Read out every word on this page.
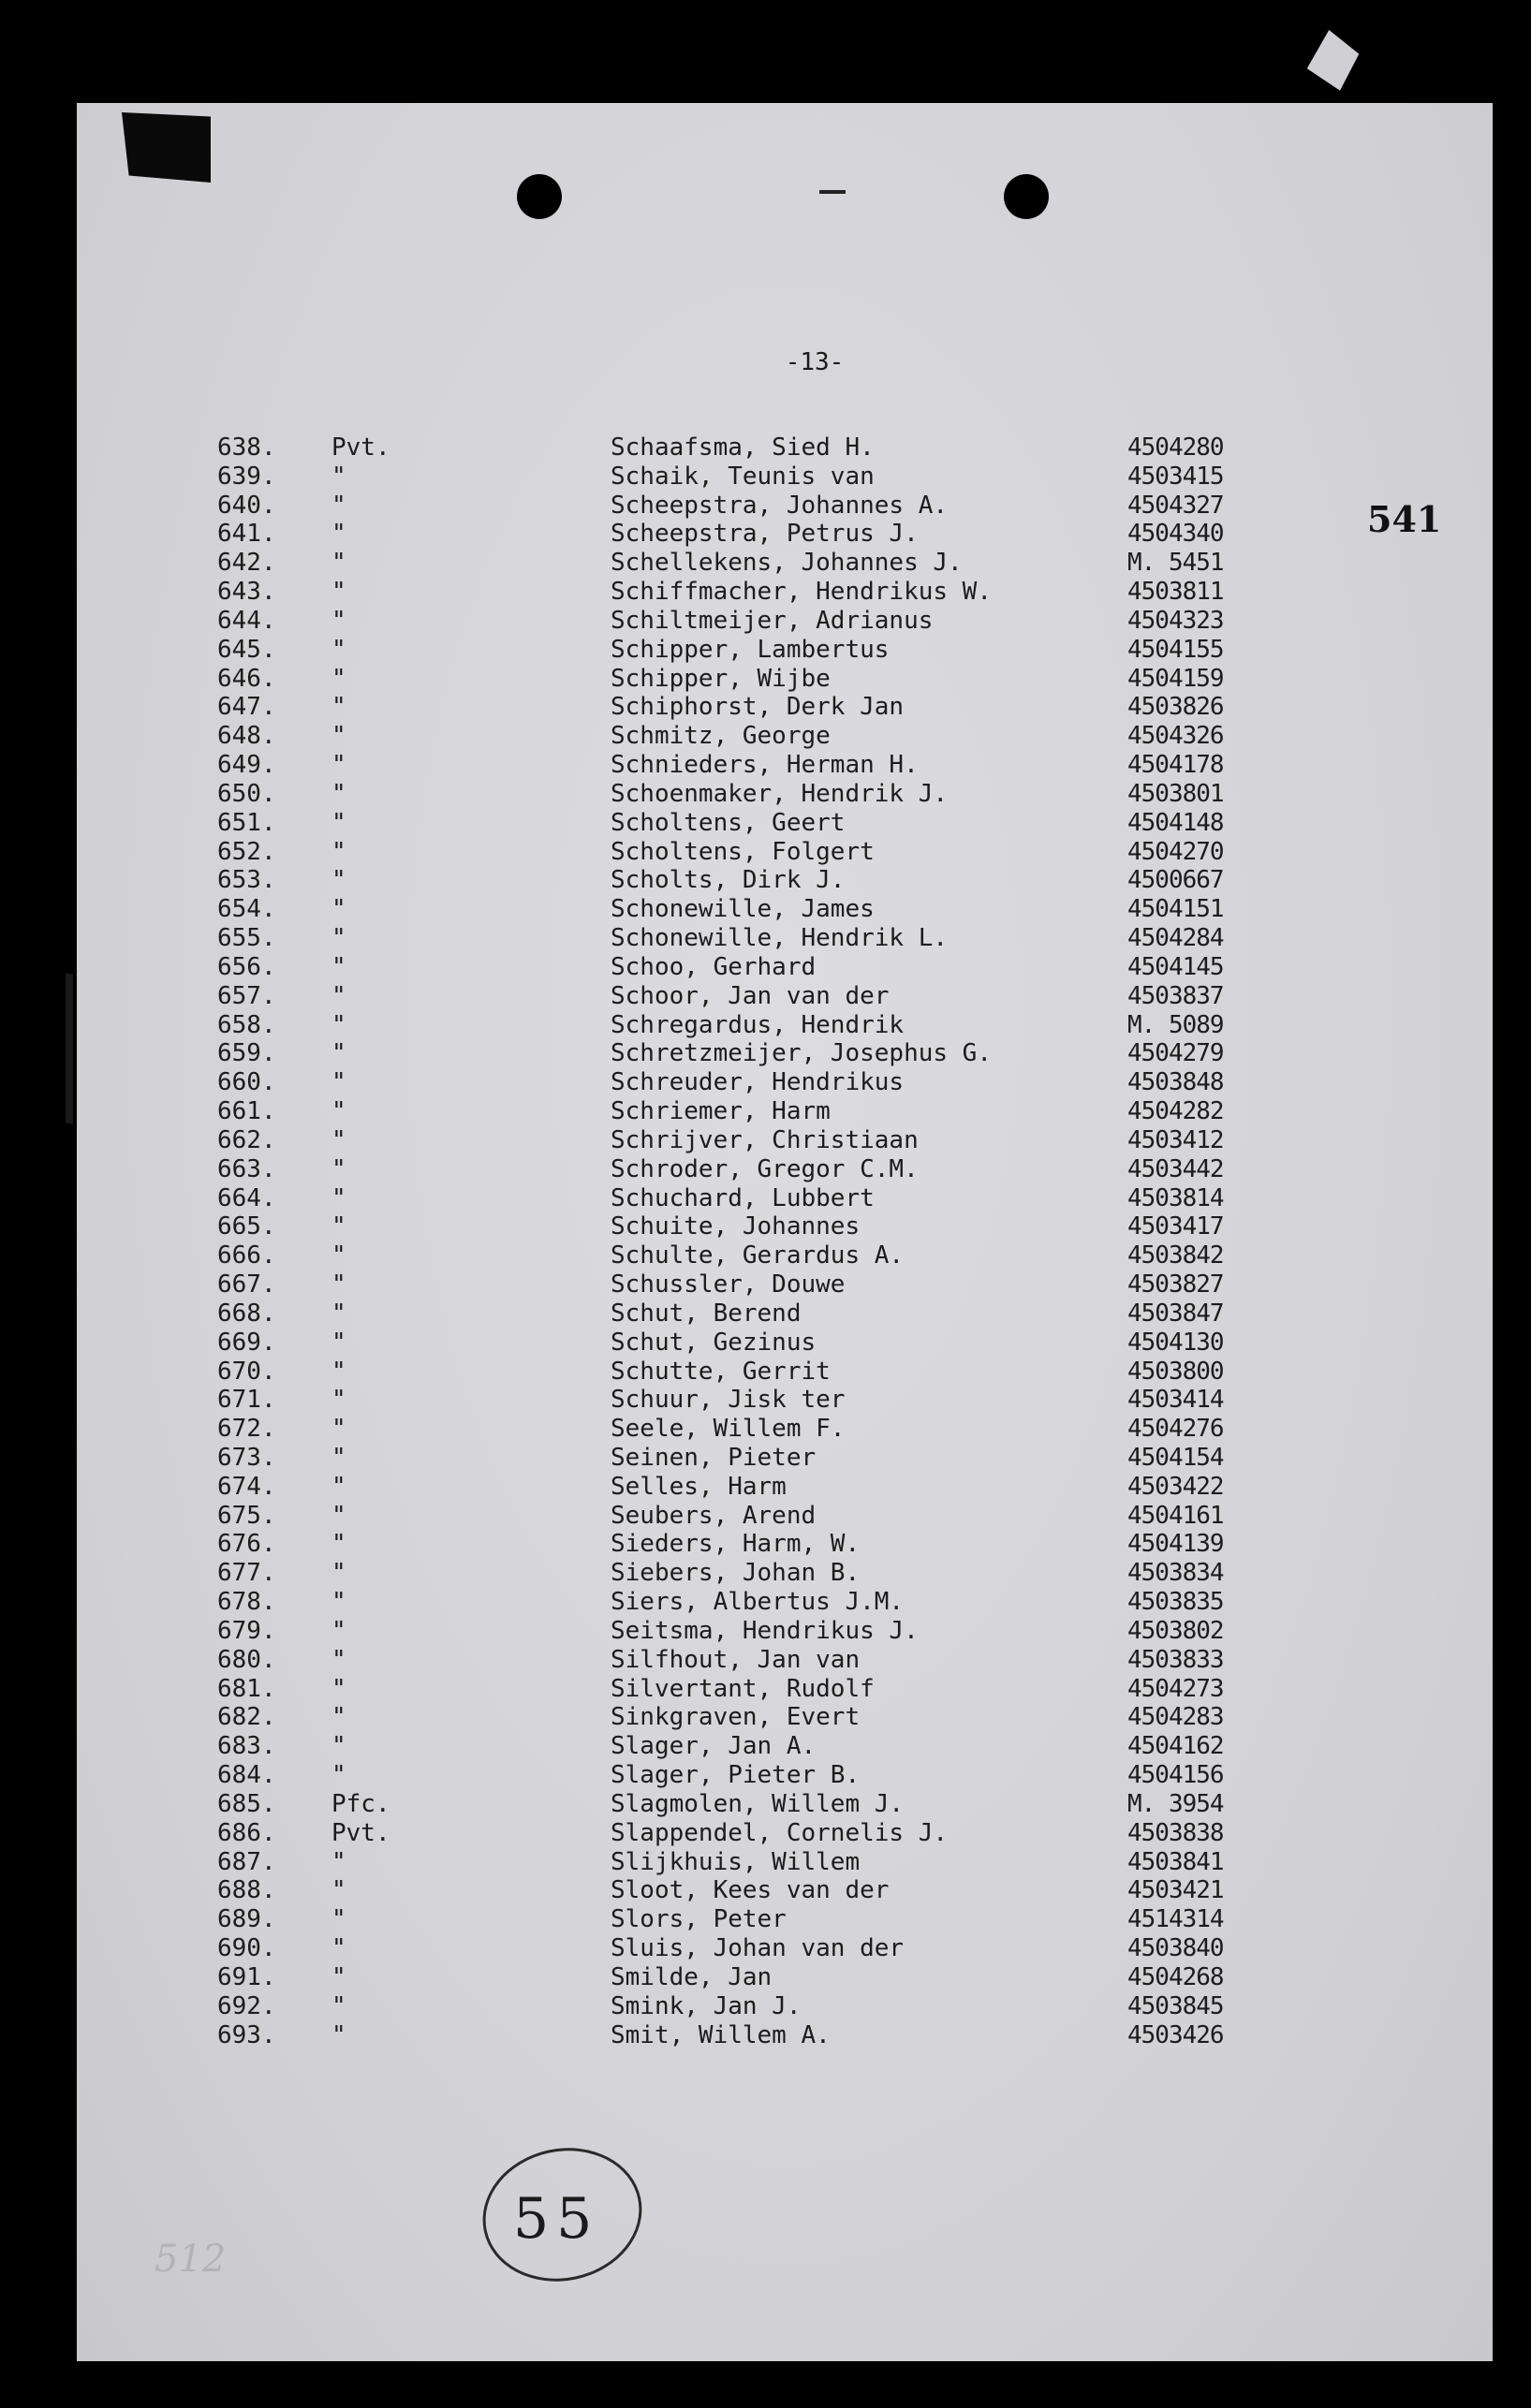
-13-
541
638. Pvt.	Schaafsma, Sied H.	4504280
639. "	Schaik, Teunis van	4503415
640. "	Scheepstra, Johannes A.	4504327
641. "	Scheepstra, Petrus J.	4504340
642. "	Schellekens, Johannes J.	M. 5451
643. "	Schiffmacher, Hendrikus W.	4503811
644. "	Schiltmeijer, Adrianus	4504323
645. "	Schipper, Lambertus	4504155
646. "	Schipper, Wijbe	4504159
647. "	Schiphorst, Derk Jan	4503826
648. "	Schmitz, George	4504326
649. "	Schnieders, Herman H.	4504178
650. "	Schoenmaker, Hendrik J.	4503801
651. "	Scholtens, Geert	4504148
652. "	Scholtens, Folgert	4504270
653. "	Scholts, Dirk J.	4500667
654. "	Schonewille, James	4504151
655. "	Schonewille, Hendrik L.	4504284
656. "	Schoo, Gerhard	4504145
657. "	Schoor, Jan van der	4503837
658. "	Schregardus, Hendrik	M. 5089
659. "	Schretzmeijer, Josephus G.	4504279
660. "	Schreuder, Hendrikus	4503848
661. "	Schriemer, Harm	4504282
662. "	Schrijver, Christiaan	4503412
663. "	Schroder, Gregor C.M.	4503442
664. "	Schuchard, Lubbert	4503814
665. "	Schuite, Johannes	4503417
666. "	Schulte, Gerardus A.	4503842
667. "	Schussler, Douwe	4503827
668. "	Schut, Berend	4503847
669. "	Schut, Gezinus	4504130
670. "	Schutte, Gerrit	4503800
671. "	Schuur, Jisk ter	4503414
672. "	Seele, Willem F.	4504276
673. "	Seinen, Pieter	4504154
674. "	Selles, Harm	4503422
675. "	Seubers, Arend	4504161
676. "	Sieders, Harm, W.	4504139
677. "	Siebers, Johan B.	4503834
678. "	Siers, Albertus J.M.	4503835
679. "	Seitsma, Hendrikus J.	4503802
680. "	Silfhout, Jan van	4503833
681. "	Silvertant, Rudolf	4504273
682. "	Sinkgraven, Evert	4504283
683. "	Slager, Jan A.	4504162
684. "	Slager, Pieter B.	4504156
685. Pfc.	Slagmolen, Willem J.	M. 3954
686. Pvt.	Slappendel, Cornelis J.	4503838
687. "	Slijkhuis, Willem	4503841
688. "	Sloot, Kees van der	4503421
689. "	Slors, Peter	4514314
690. "	Sluis, Johan van der	4503840
691. "	Smilde, Jan	4504268
692. "	Smink, Jan J.	4503845
693. "	Smit, Willem A.	4503426
55
512
